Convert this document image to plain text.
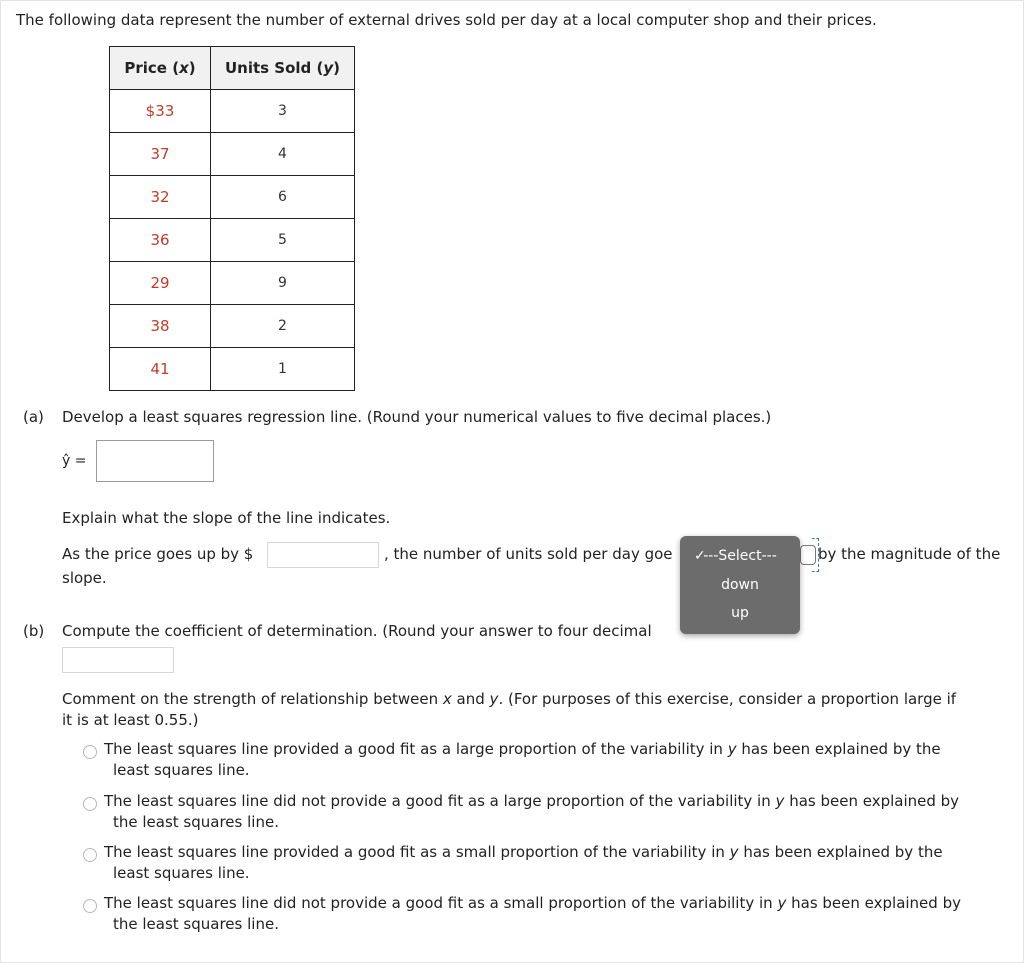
The following data represent the number of external drives sold per day at a local computer shop and their prices.
Price (x)	Units Sold (y)
$33	3
37	4
32	6
36	5
29	9
38	2
41	1
(a) Develop a least squares regression line. (Round your numerical values to five decimal places.)
ŷ =
Explain what the slope of the line indicates.
As the price goes up by $	, the number of units sold per day goe	by the magnitude of the
slope.
(b) Compute the coefficient of determination. (Round your answer to four decimal
Comment on the strength of relationship between x and y. (For purposes of this exercise, consider a proportion large if
it is at least 0.55.)
The least squares line provided a good fit as a large proportion of the variability in y has been explained by the
least squares line.
The least squares line did not provide a good fit as a large proportion of the variability in y has been explained by
the least squares line.
The least squares line provided a good fit as a small proportion of the variability in y has been explained by the
least squares line.
The least squares line did not provide a good fit as a small proportion of the variability in y has been explained by
the least squares line.
✓
---Select---
down
up
